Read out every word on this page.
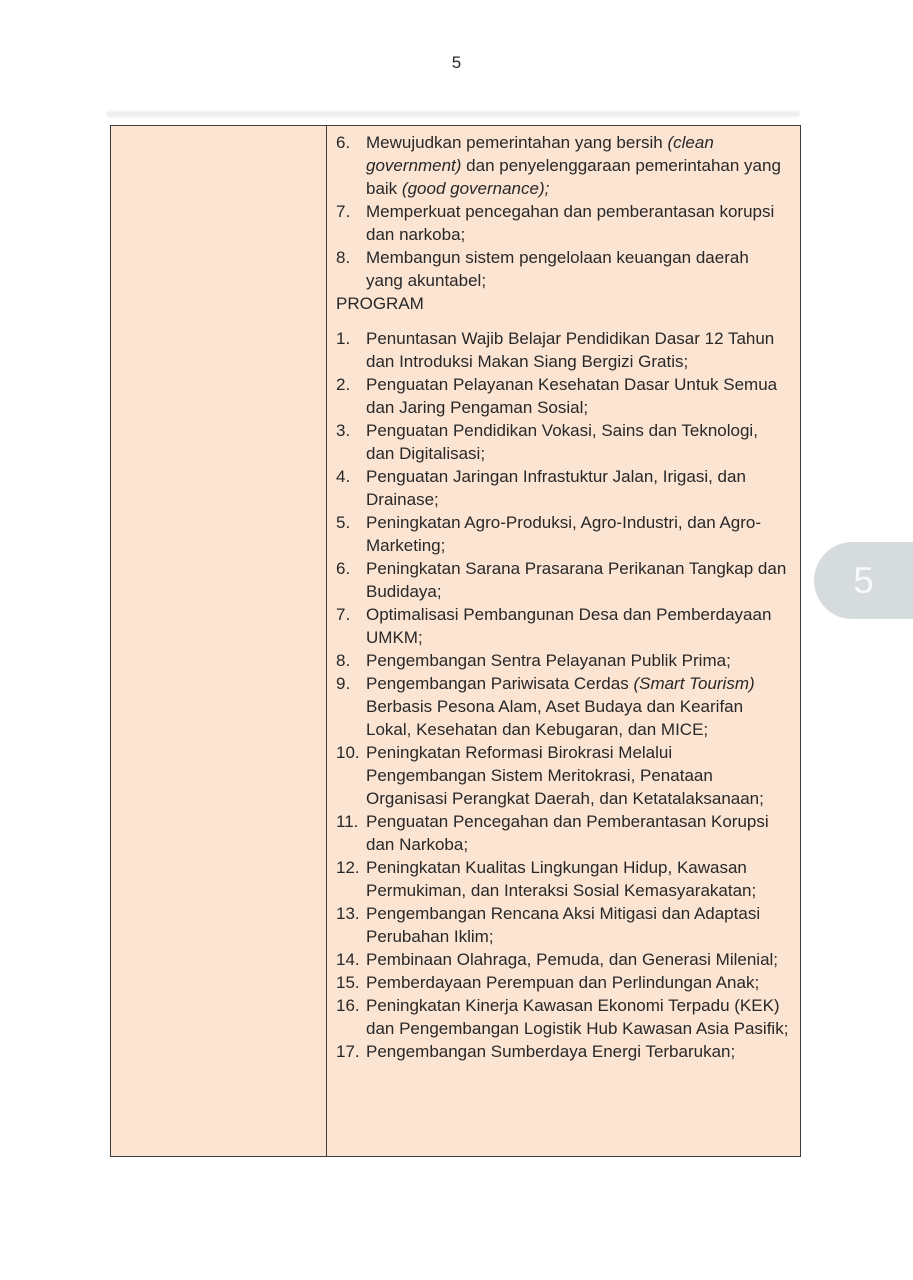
5
Mewujudkan pemerintahan yang bersih (clean government) dan penyelenggaraan pemerintahan yang baik (good governance);
Memperkuat pencegahan dan pemberantasan korupsi dan narkoba;
Membangun sistem pengelolaan keuangan daerah yang akuntabel;
PROGRAM
Penuntasan Wajib Belajar Pendidikan Dasar 12 Tahun dan Introduksi Makan Siang Bergizi Gratis;
Penguatan Pelayanan Kesehatan Dasar Untuk Semua dan Jaring Pengaman Sosial;
Penguatan Pendidikan Vokasi, Sains dan Teknologi, dan Digitalisasi;
Penguatan Jaringan Infrastuktur Jalan, Irigasi, dan Drainase;
Peningkatan Agro-Produksi, Agro-Industri, dan Agro-Marketing;
Peningkatan Sarana Prasarana Perikanan Tangkap dan Budidaya;
Optimalisasi Pembangunan Desa dan Pemberdayaan UMKM;
Pengembangan Sentra Pelayanan Publik Prima;
Pengembangan Pariwisata Cerdas (Smart Tourism) Berbasis Pesona Alam, Aset Budaya dan Kearifan Lokal, Kesehatan dan Kebugaran, dan MICE;
Peningkatan Reformasi Birokrasi Melalui Pengembangan Sistem Meritokrasi, Penataan Organisasi Perangkat Daerah, dan Ketatalaksanaan;
Penguatan Pencegahan dan Pemberantasan Korupsi dan Narkoba;
Peningkatan Kualitas Lingkungan Hidup, Kawasan Permukiman, dan Interaksi Sosial Kemasyarakatan;
Pengembangan Rencana Aksi Mitigasi dan Adaptasi Perubahan Iklim;
Pembinaan Olahraga, Pemuda, dan Generasi Milenial;
Pemberdayaan Perempuan dan Perlindungan Anak;
Peningkatan Kinerja Kawasan Ekonomi Terpadu (KEK) dan Pengembangan Logistik Hub Kawasan Asia Pasifik;
Pengembangan Sumberdaya Energi Terbarukan;
5
